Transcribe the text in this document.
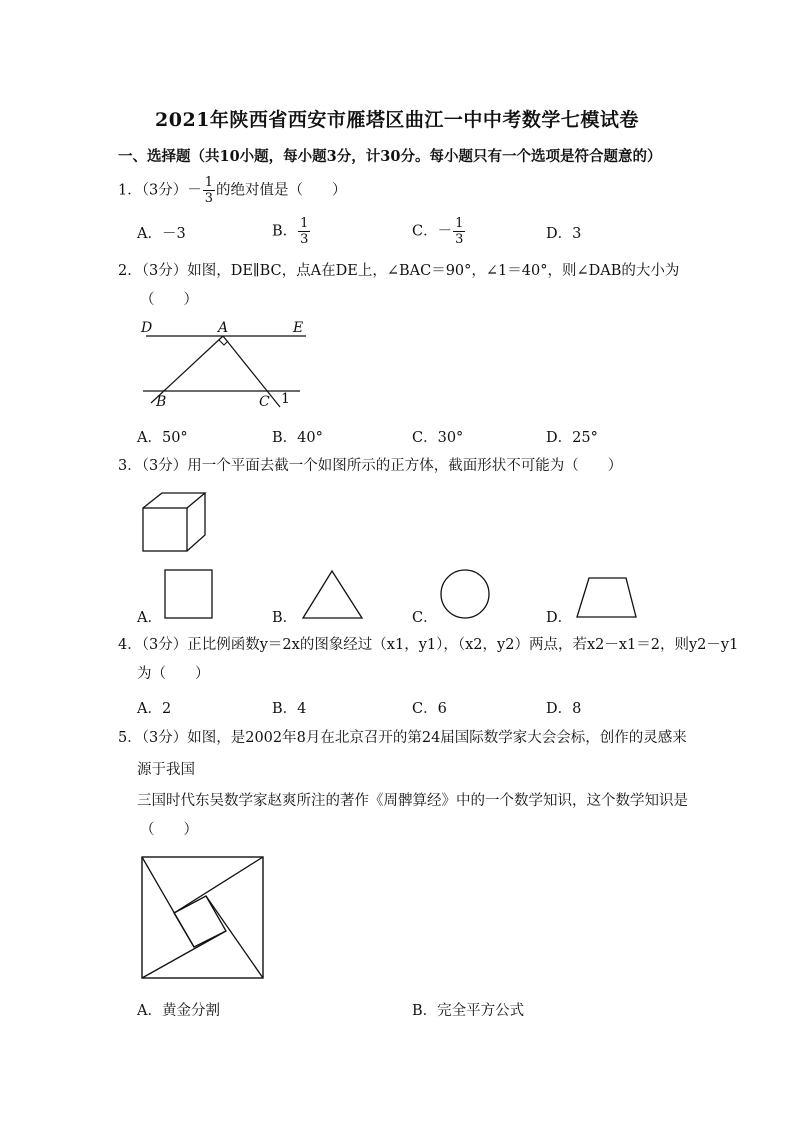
2021年陕西省西安市雁塔区曲江一中中考数学七模试卷
一、选择题（共10小题，每小题3分，计30分。每小题只有一个选项是符合题意的）
1．（3分）－ $\frac{1}{3}$ 的绝对值是（　　）
A．－3	B． $\frac{1}{3}$	C．－ $\frac{1}{3}$	D．3
2．（3分）如图，DE∥BC，点A在DE上，∠BAC＝90°，∠1＝40°，则∠DAB的大小为
（　　）
D	A	E
B	C 1
A．50°	B．40°	C．30°	D．25°
3．（3分）用一个平面去截一个如图所示的正方体，截面形状不可能为（　　）
A．	B．	C．	D．
4．（3分）正比例函数y＝2x的图象经过（x1，y1），（x2，y2）两点，若x2－x1＝2，则y2－y1
为（　　）
A．2	B．4	C．6	D．8
5．（3分）如图，是2002年8月在北京召开的第24届国际数学家大会会标，创作的灵感来
源于我国
三国时代东吴数学家赵爽所注的著作《周髀算经》中的一个数学知识，这个数学知识是
（　　）
A．黄金分割	B．完全平方公式
